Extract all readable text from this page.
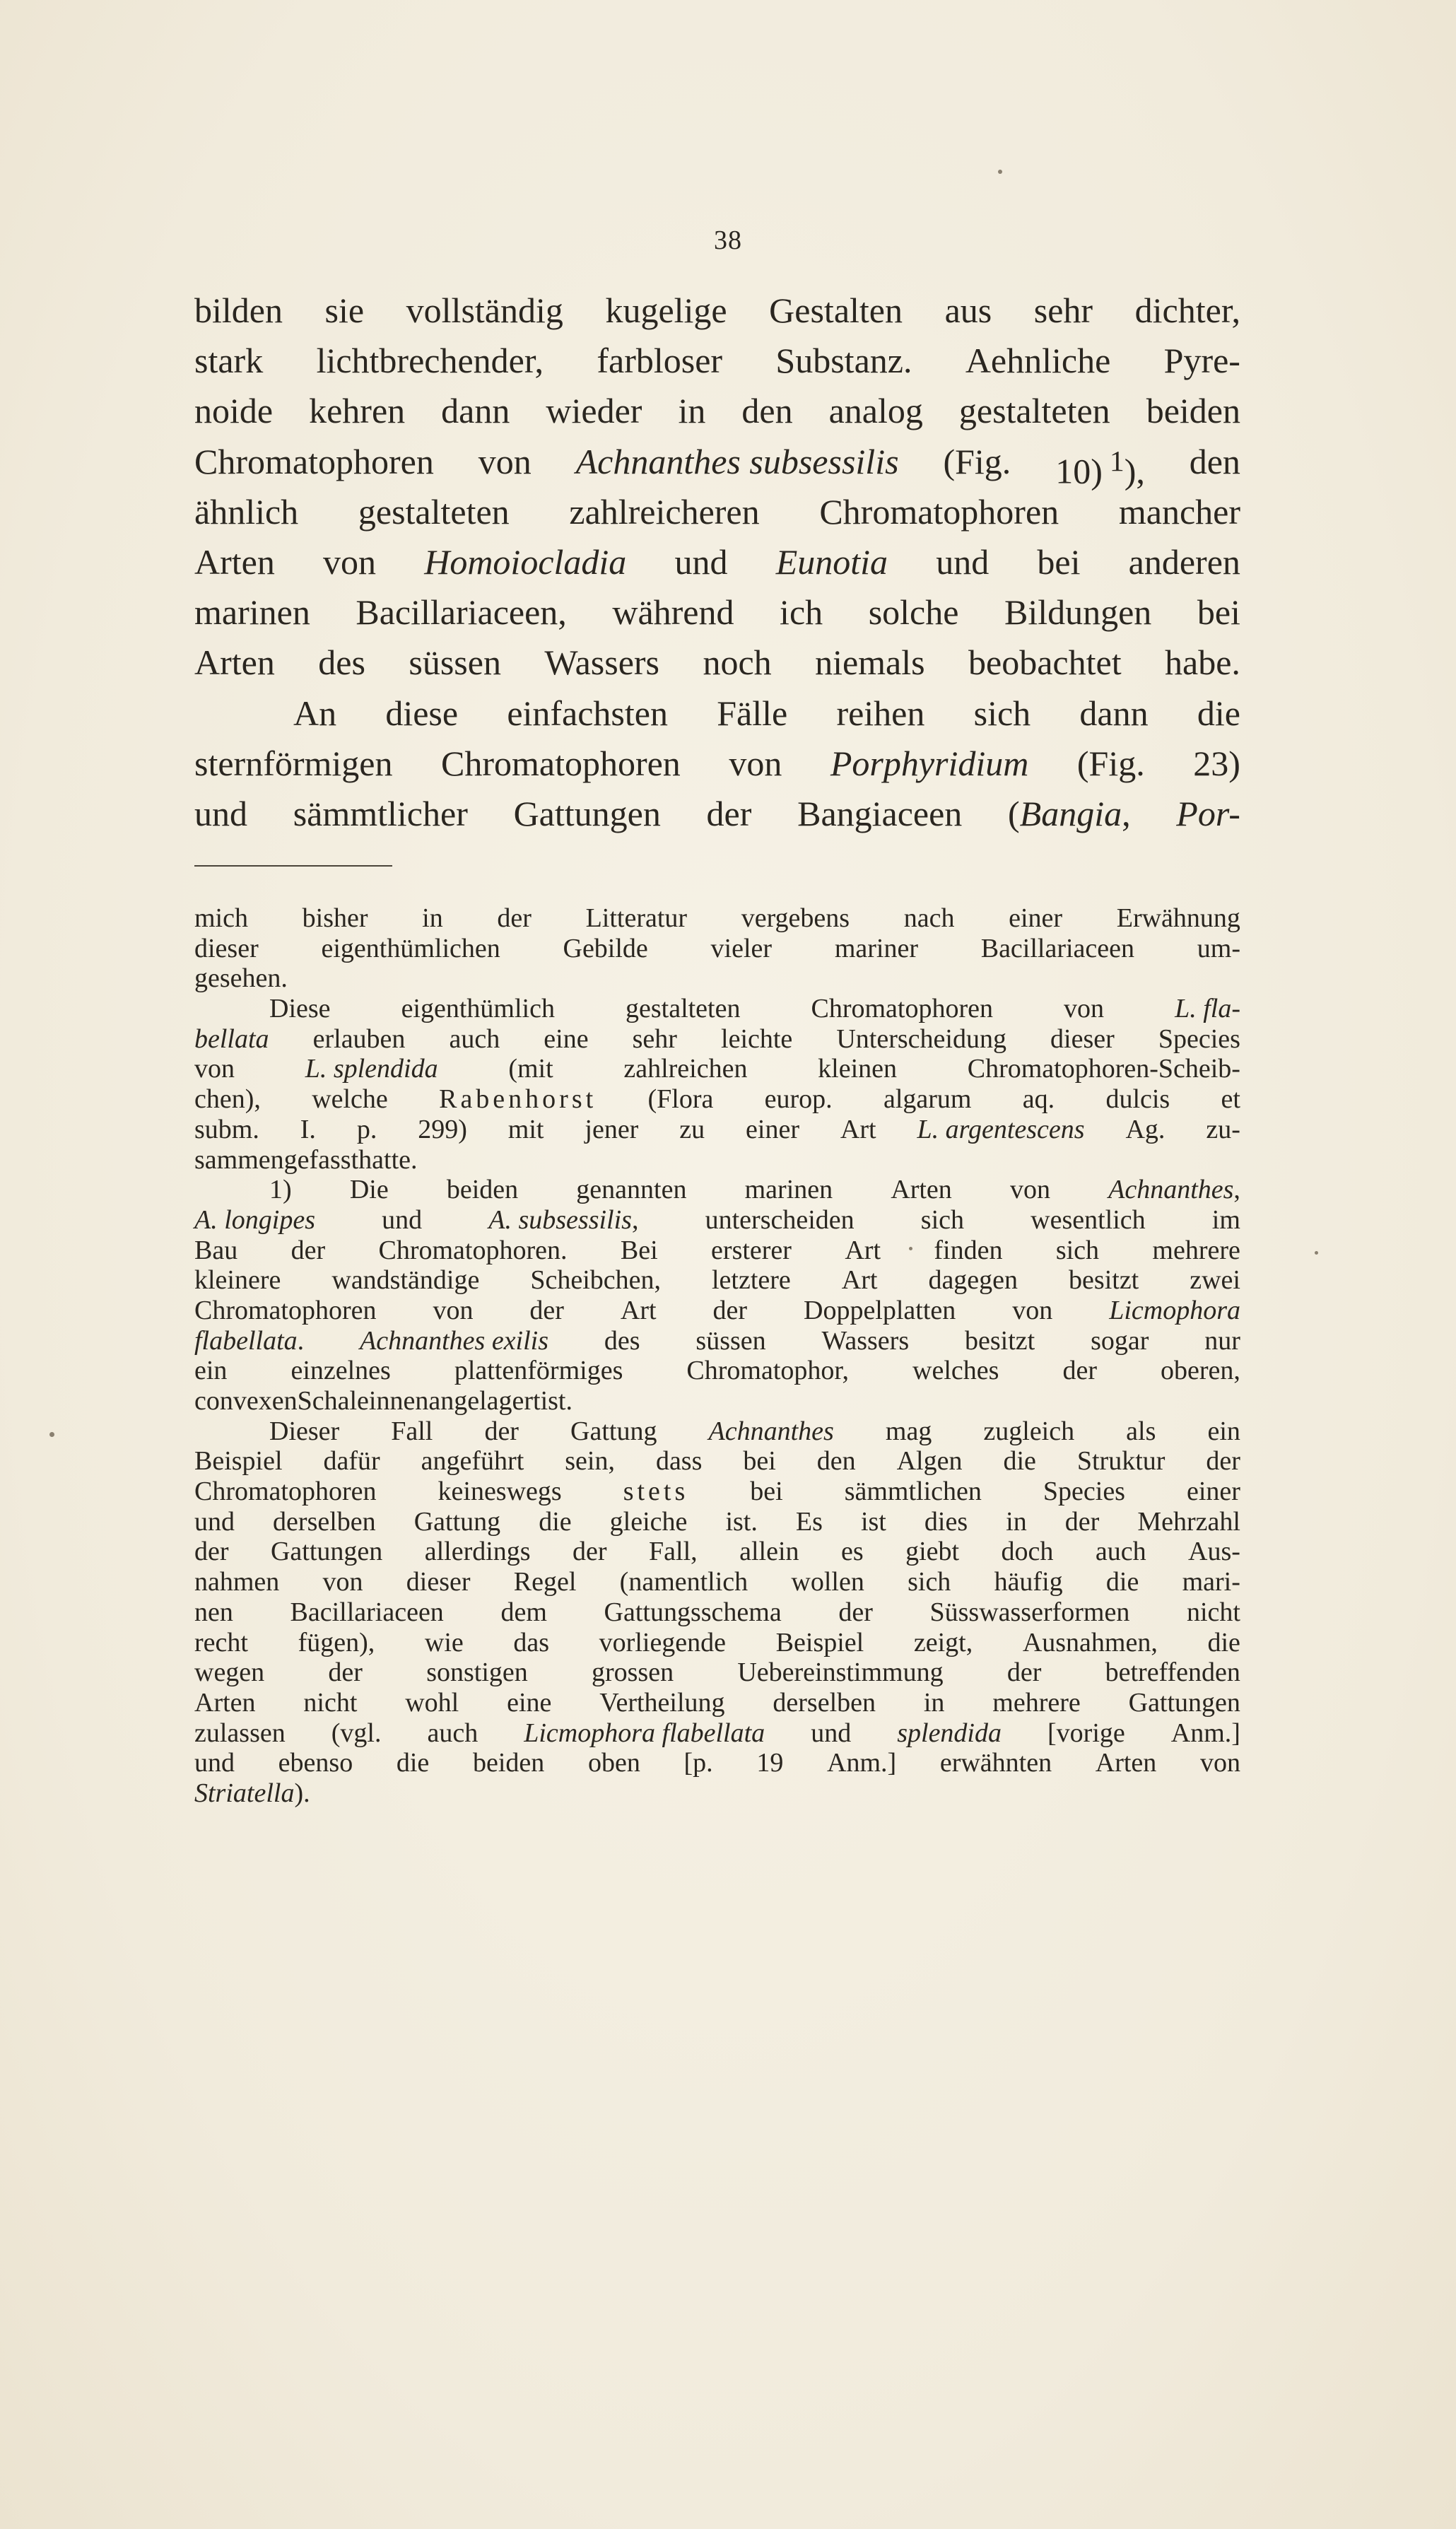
38
bilden sie vollständig kugelige Gestalten aus sehr dichter,
stark lichtbrechender, farbloser Substanz. Aehnliche Pyre-
noide kehren dann wieder in den analog gestalteten beiden
Chromatophoren von Achnanthes subsessilis (Fig. 10) $^1$), den
ähnlich gestalteten zahlreicheren Chromatophoren mancher
Arten von Homoiocladia und Eunotia und bei anderen
marinen Bacillariaceen, während ich solche Bildungen bei
Arten des süssen Wassers noch niemals beobachtet habe.
An diese einfachsten Fälle reihen sich dann die
sternförmigen Chromatophoren von Porphyridium (Fig. 23)
und sämmtlicher Gattungen der Bangiaceen (Bangia, Por-
mich bisher in der Litteratur vergebens nach einer Erwähnung
dieser eigenthümlichen Gebilde vieler mariner Bacillariaceen um-
gesehen.
Diese	eigenthümlich	gestalteten	Chromatophoren	von	L. fla-
bellata erlauben auch eine sehr leichte Unterscheidung dieser Species
von	L. splendida	(mit	zahlreichen	kleinen	Chromatophoren-Scheib-
chen), welche Rabenhorst (Flora europ. algarum aq. dulcis et
subm. I. p. 299) mit jener zu einer Art L. argentescens Ag. zu-
sammengefasst hatte.
1) Die beiden genannten marinen Arten von Achnanthes,
A. longipes und A. subsessilis, unterscheiden sich wesentlich im
Bau der Chromatophoren. Bei ersterer Art finden sich mehrere
kleinere wandständige Scheibchen, letztere Art dagegen besitzt zwei
Chromatophoren von der Art der Doppelplatten von Licmophora
flabellata. Achnanthes exilis des süssen Wassers besitzt sogar nur
ein einzelnes plattenförmiges Chromatophor, welches der oberen,
convexen Schale innen angelagert ist.
Dieser Fall der Gattung Achnanthes mag zugleich als ein
Beispiel dafür angeführt sein, dass bei den Algen die Struktur der
Chromatophoren keineswegs stets bei sämmtlichen Species einer
und derselben Gattung die gleiche ist. Es ist dies in der Mehrzahl
der Gattungen allerdings der Fall, allein es giebt doch auch Aus-
nahmen von dieser Regel (namentlich wollen sich häufig die mari-
nen Bacillariaceen dem Gattungsschema der Süsswasserformen nicht
recht fügen), wie das vorliegende Beispiel zeigt, Ausnahmen, die
wegen der sonstigen grossen Uebereinstimmung der betreffenden
Arten nicht wohl eine Vertheilung derselben in mehrere Gattungen
zulassen (vgl. auch Licmophora flabellata und splendida [vorige Anm.]
und ebenso die beiden oben [p. 19 Anm.] erwähnten Arten von
Striatella).
